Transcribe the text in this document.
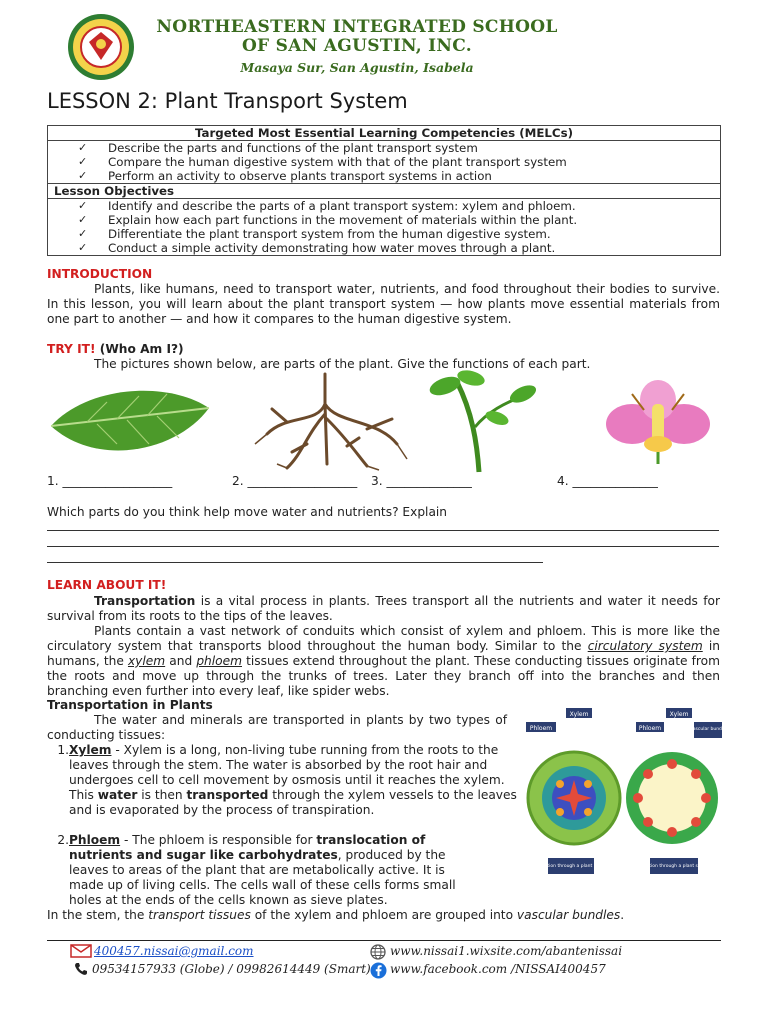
NORTHEASTERN INTEGRATED SCHOOL
OF SAN AGUSTIN, INC.
Masaya Sur, San Agustin, Isabela
LESSON 2: Plant Transport System
Targeted Most Essential Learning Competencies (MELCs)

✓ Describe the parts and functions of the plant transport system
✓ Compare the human digestive system with that of the plant transport system
✓ Perform an activity to observe plants transport systems in action

Lesson Objectives

✓ Identify and describe the parts of a plant transport system: xylem and phloem.
✓ Explain how each part functions in the movement of materials within the plant.
✓ Differentiate the plant transport system from the human digestive system.
✓ Conduct a simple activity demonstrating how water moves through a plant.
INTRODUCTION
Plants, like humans, need to transport water, nutrients, and food throughout their bodies to survive. In this lesson, you will learn about the plant transport system — how plants move essential materials from one part to another — and how it compares to the human digestive system.
TRY IT! (Who Am I?)
The pictures shown below, are parts of the plant. Give the functions of each part.
1. __________________	2. __________________ 3. ______________	4. ______________
Which parts do you think help move water and nutrients? Explain
LEARN ABOUT IT!
Transportation is a vital process in plants. Trees transport all the nutrients and water it needs for survival from its roots to the tips of the leaves.
Plants contain a vast network of conduits which consist of xylem and phloem. This is more like the circulatory system that transports blood throughout the human body. Similar to the circulatory system in humans, the xylem and phloem tissues extend throughout the plant. These conducting tissues originate from the roots and move up through the trunks of trees. Later they branch off into the branches and then branching even further into every leaf, like spider webs.
Transportation in Plants
The water and minerals are transported in plants by two types of conducting tissues:
1. Xylem - Xylem is a long, non-living tube running from the roots to the leaves through the stem. The water is absorbed by the root hair and undergoes cell to cell movement by osmosis until it reaches the xylem. This water is then transported through the xylem vessels to the leaves and is evaporated by the process of transpiration.
2. Phloem - The phloem is responsible for translocation of nutrients and sugar like carbohydrates, produced by the leaves to areas of the plant that are metabolically active. It is made up of living cells. The cells wall of these cells forms small holes at the ends of the cells known as sieve plates.
In the stem, the transport tissues of the xylem and phloem are grouped into vascular bundles.
Phloem
Xylem
Phloem
Xylem
Vascular bundle
Section through a plant root	Section through a plant stem
400457.nissai@gmail.com
09534157933 (Globe) / 09982614449 (Smart)
www.nissai1.wixsite.com/abantenissai
www.facebook.com /NISSAI400457
